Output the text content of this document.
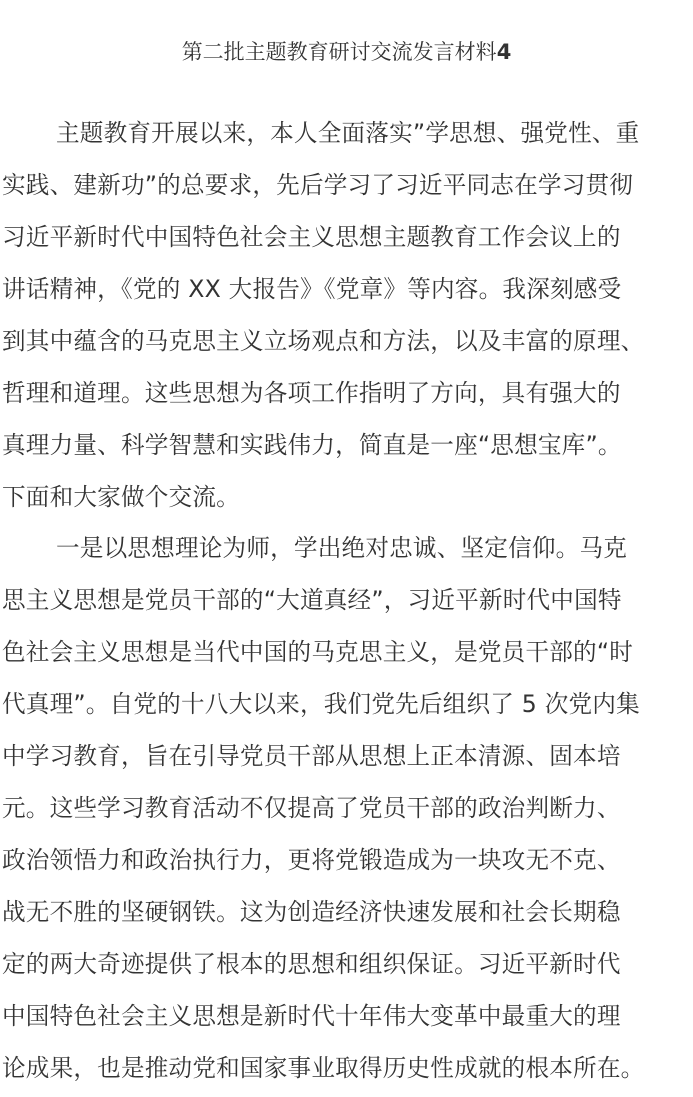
第二批主题教育研讨交流发言材料4
主题教育开展以来，本人全面落实”学思想、强党性、重
实践、建新功”的总要求，先后学习了习近平同志在学习贯彻
习近平新时代中国特色社会主义思想主题教育工作会议上的
讲话精神，《党的 XX 大报告》《党章》等内容。我深刻感受
到其中蕴含的马克思主义立场观点和方法，以及丰富的原理、
哲理和道理。这些思想为各项工作指明了方向，具有强大的
真理力量、科学智慧和实践伟力，简直是一座“思想宝库”。
下面和大家做个交流。
一是以思想理论为师，学出绝对忠诚、坚定信仰。马克
思主义思想是党员干部的“大道真经”，习近平新时代中国特
色社会主义思想是当代中国的马克思主义，是党员干部的“时
代真理”。自党的十八大以来，我们党先后组织了 5 次党内集
中学习教育，旨在引导党员干部从思想上正本清源、固本培
元。这些学习教育活动不仅提高了党员干部的政治判断力、
政治领悟力和政治执行力，更将党锻造成为一块攻无不克、
战无不胜的坚硬钢铁。这为创造经济快速发展和社会长期稳
定的两大奇迹提供了根本的思想和组织保证。习近平新时代
中国特色社会主义思想是新时代十年伟大变革中最重大的理
论成果，也是推动党和国家事业取得历史性成就的根本所在。
